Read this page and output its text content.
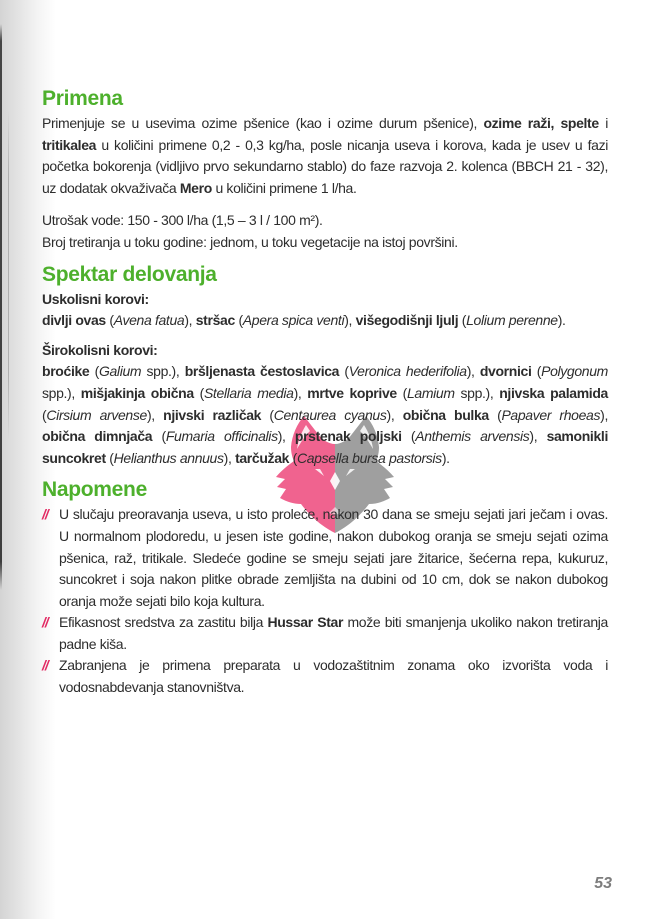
Primena

Primenjuje se u usevima ozime pšenice (kao i ozime durum pšenice), ozime raži, spelte i tritikalea u količini primene 0,2 - 0,3 kg/ha, posle nicanja useva i korova, kada je usev u fazi početka bokorenja (vidljivo prvo sekundarno stablo) do faze razvoja 2. kolenca (BBCH 21 - 32), uz dodatak okvaživača Mero u količini primene 1 l/ha.

Utrošak vode: 150 - 300 l/ha (1,5 – 3 l / 100 m²).

Broj tretiranja u toku godine: jednom, u toku vegetacije na istoj površini.

Spektar delovanja

Uskolisni korovi:

divlji ovas (Avena fatua), stršac (Apera spica venti), višegodišnji ljulj (Lolium perenne).

Širokolisni korovi:

broćike (Galium spp.), bršljenasta čestoslavica (Veronica hederifolia), dvornici (Polygonum spp.), mišjakinja obična (Stellaria media), mrtve koprive (Lamium spp.), njivska palamida (Cirsium arvense), njivski različak (Centaurea cyanus), obična bulka (Papaver rhoeas), obična dimnjača (Fumaria officinalis), prstenak poljski (Anthemis arvensis), samonikli suncokret (Helianthus annuus), tarčužak (Capsella bursa pastorsis).

Napomene
// U slučaju preoravanja useva, u isto proleće, nakon 30 dana se smeju sejati jari ječam i ovas. U normalnom plodoredu, u jesen iste godine, nakon dubokog oranja se smeju sejati ozima pšenica, raž, tritikale. Sledeće godine se smeju sejati jare žitarice, šećerna repa, kukuruz, suncokret i soja nakon plitke obrade zemljišta na dubini od 10 cm, dok se nakon dubokog oranja može sejati bilo koja kultura.

// Efikasnost sredstva za zastitu bilja Hussar Star može biti smanjenja ukoliko nakon tretiranja padne kiša.

// Zabranjena je primena preparata u vodozaštitnim zonama oko izvorišta voda i vodosnabdevanja stanovništva.

53
